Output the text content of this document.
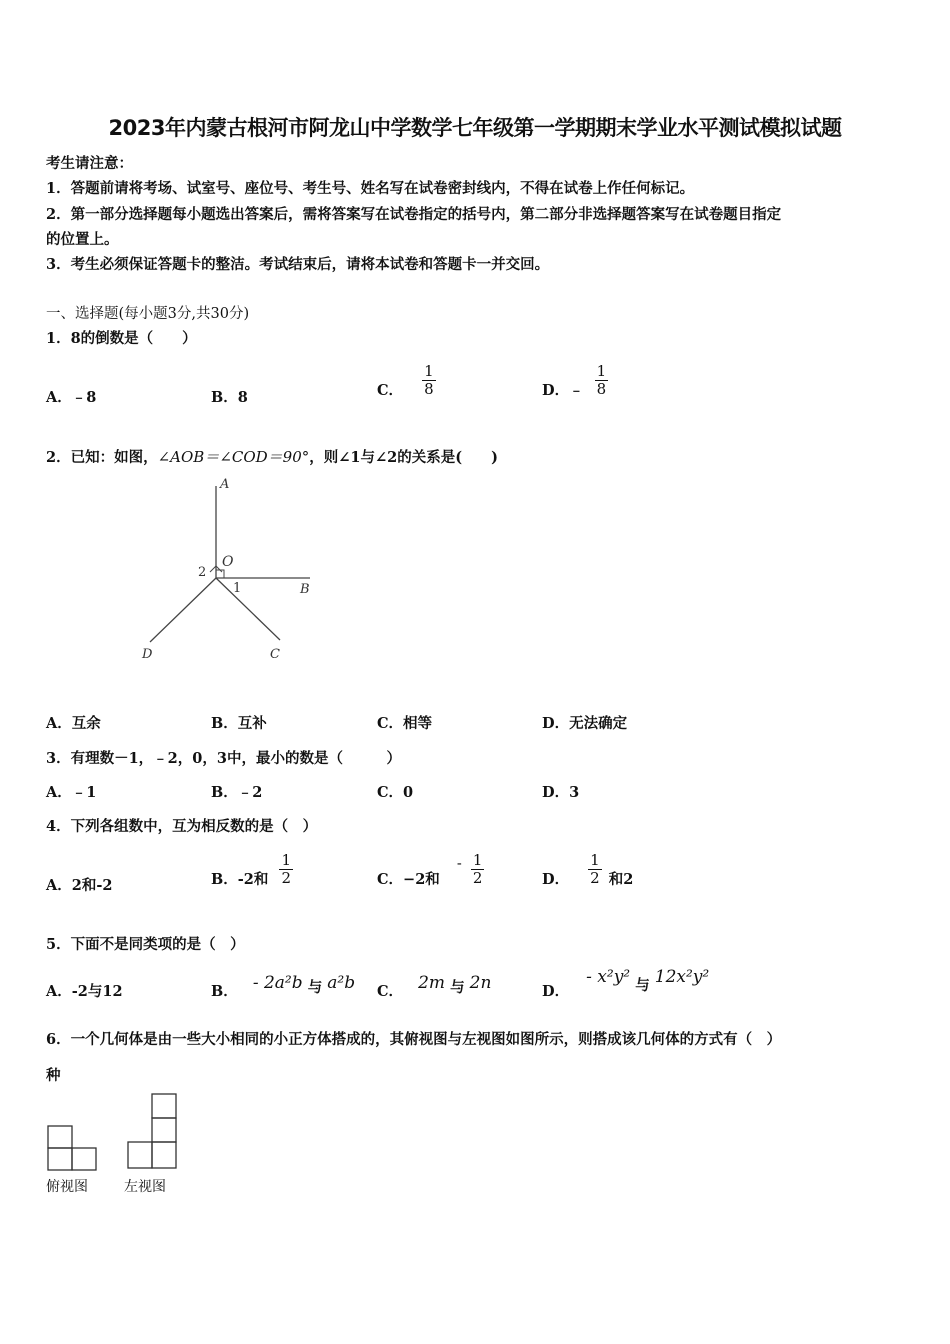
2023年内蒙古根河市阿龙山中学数学七年级第一学期期末学业水平测试模拟试题
考生请注意：
1．答题前请将考场、试室号、座位号、考生号、姓名写在试卷密封线内，不得在试卷上作任何标记。
2．第一部分选择题每小题选出答案后，需将答案写在试卷指定的括号内，第二部分非选择题答案写在试卷题目指定
的位置上。
3．考生必须保证答题卡的整洁。考试结束后，请将本试卷和答题卡一并交回。
一、选择题(每小题3分,共30分)
1．8的倒数是（　　）
A．﹣8	B．8	C． $\frac{1}{8}$	D．﹣ $\frac{1}{8}$
2．已知：如图，∠AOB＝∠COD＝90°，则∠1与∠2的关系是(　　)
A
B
C
D
O
1
2
A．互余	B．互补	C．相等	D．无法确定
3．有理数－1，﹣2，0，3中，最小的数是（　　　）
A．﹣1	B．﹣2	C．0	D．3
4．下列各组数中，互为相反数的是（　）
A．2和-2	B．-2和 $\frac{1}{2}$	C．−2和 - $\frac{1}{2}$	D． $\frac{1}{2}$ 和2
5．下面不是同类项的是（　）
A．-2与12	B． - 2a²b 与 a²b C． 2m 与 2n	D． - x²y² 与 12x²y²
6．一个几何体是由一些大小相同的小正方体搭成的，其俯视图与左视图如图所示，则搭成该几何体的方式有（　）
种
俯视图	左视图
